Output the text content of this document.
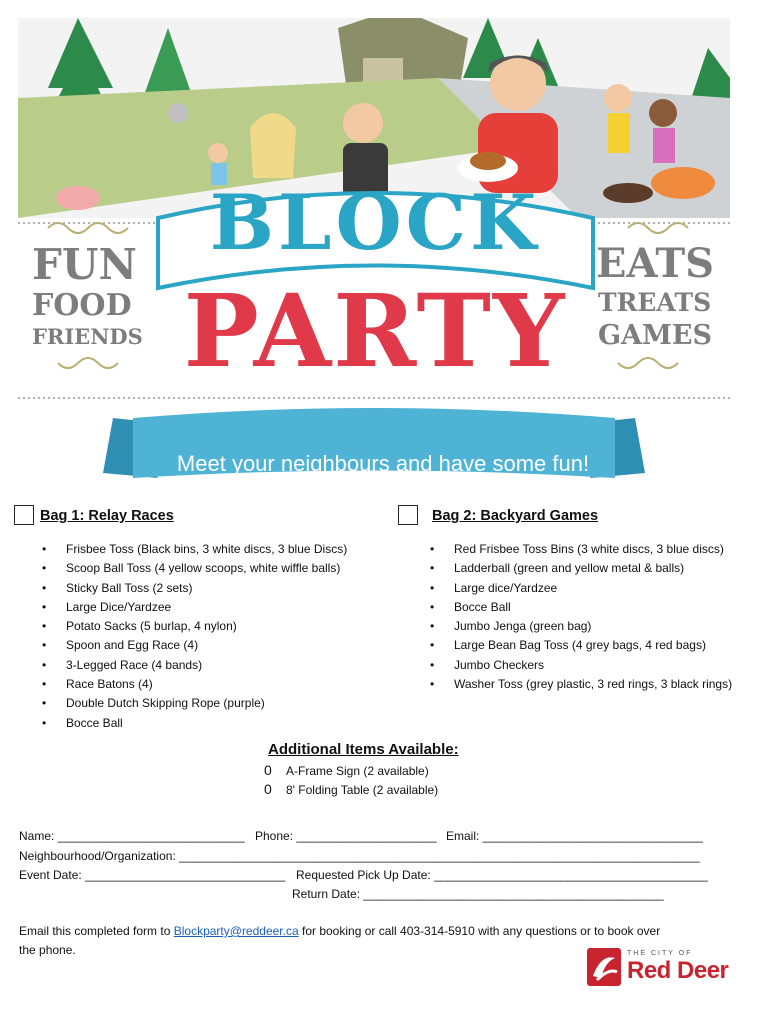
BLOCK
PARTY
FUN
FOOD
FRIENDS
EATS
TREATS
GAMES
Meet your neighbours and have some fun!
Bag 1: Relay Races
• Frisbee Toss (Black bins, 3 white discs, 3 blue Discs)
• Scoop Ball Toss (4 yellow scoops, white wiffle balls)
• Sticky Ball Toss (2 sets)
• Large Dice/Yardzee
• Potato Sacks (5 burlap, 4 nylon)
• Spoon and Egg Race (4)
• 3-Legged Race (4 bands)
• Race Batons (4)
• Double Dutch Skipping Rope (purple)
• Bocce Ball
Bag 2: Backyard Games
• Red Frisbee Toss Bins (3 white discs, 3 blue discs)
• Ladderball (green and yellow metal & balls)
• Large dice/Yardzee
• Bocce Ball
• Jumbo Jenga (green bag)
• Large Bean Bag Toss (4 grey bags, 4 red bags)
• Jumbo Checkers
• Washer Toss (grey plastic, 3 red rings, 3 black rings)
Additional Items Available:
0 A-Frame Sign (2 available)
0 8' Folding Table (2 available)
Name: ____________________________ Phone: _____________________ Email: _________________________________
Neighbourhood/Organization: ______________________________________________________________________________
Event Date: ______________________________ Requested Pick Up Date: _________________________________________
Return Date: _____________________________________________
Email this completed form to Blockparty@reddeer.ca for booking or call 403-314-5910 with any questions or to book over
the phone.	THE CITY OF
Red Deer
